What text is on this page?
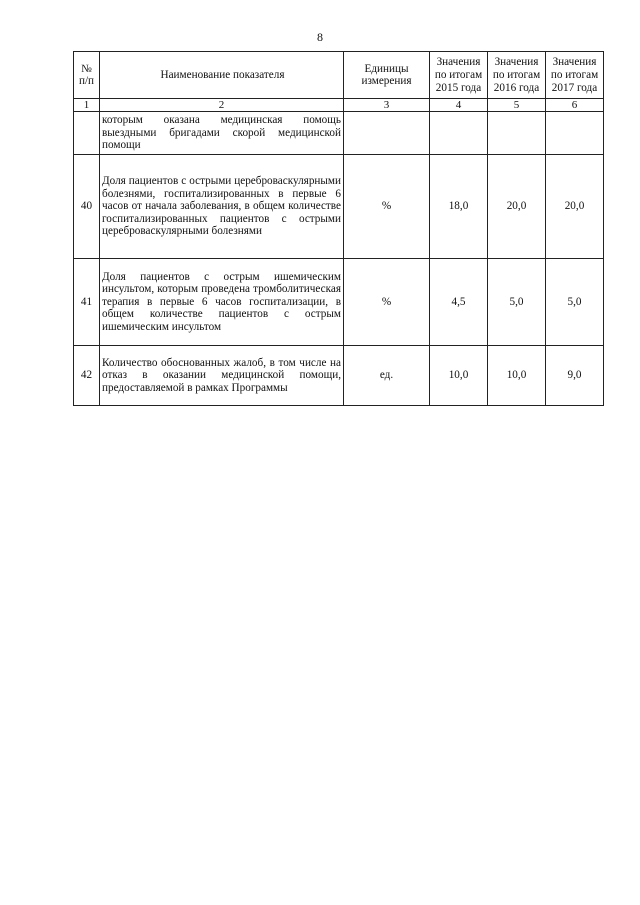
8
№ п/п	Наименование показателя	Единицы измерения	Значения по итогам 2015 года	Значения по итогам 2016 года	Значения по итогам 2017 года
1	2	3	4	5	6
	которым оказана медицинская помощь выездными бригадами скорой медицинской помощи				
40	Доля пациентов с острыми цереброваскулярными болезнями, госпитализированных в первые 6 часов от начала заболевания, в общем количестве госпитализированных пациентов с острыми цереброваскулярными болезнями	%	18,0	20,0	20,0
41	Доля пациентов с острым ишемическим инсультом, которым проведена тромболитическая терапия в первые 6 часов госпитализации, в общем количестве пациентов с острым ишемическим инсультом	%	4,5	5,0	5,0
42	Количество обоснованных жалоб, в том числе на отказ в оказании медицинской помощи, предоставляемой в рамках Программы	ед.	10,0	10,0	9,0
